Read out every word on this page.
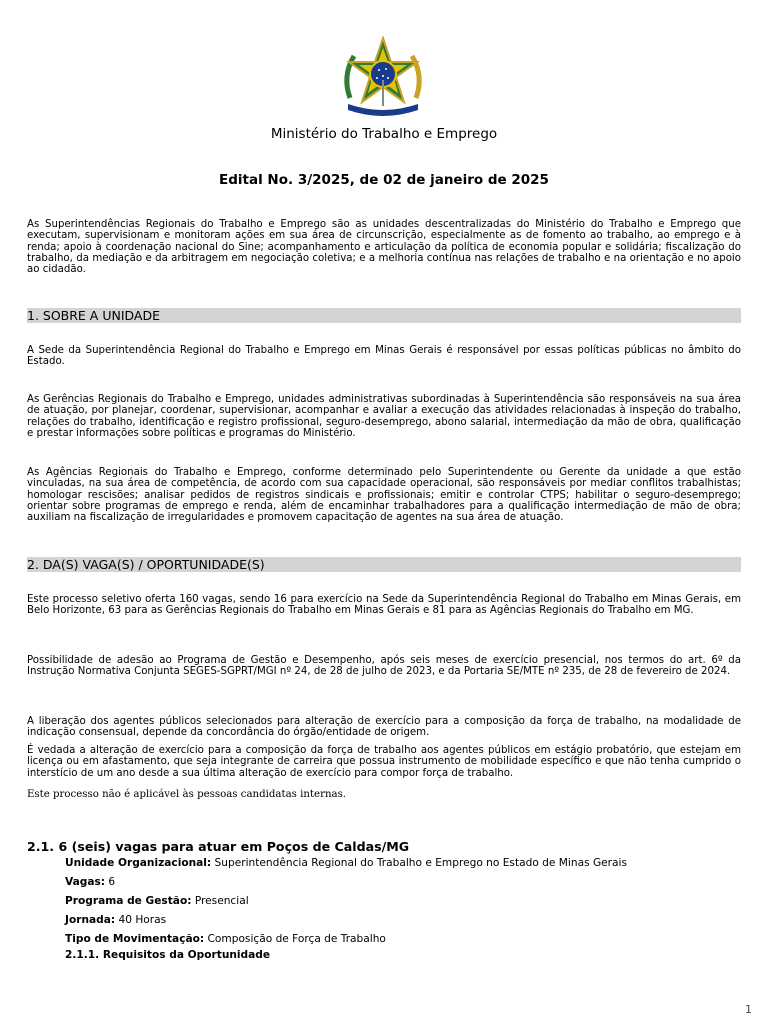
Ministério do Trabalho e Emprego
Edital No. 3/2025, de 02 de janeiro de 2025

As Superintendências Regionais do Trabalho e Emprego são as unidades descentralizadas do Ministério do Trabalho e Emprego que executam, supervisionam e monitoram ações em sua área de circunscrição, especialmente as de fomento ao trabalho, ao emprego e à renda; apoio à coordenação nacional do Sine; acompanhamento e articulação da política de economia popular e solidária; fiscalização do trabalho, da mediação e da arbitragem em negociação coletiva; e a melhoria contínua nas relações de trabalho e na orientação e no apoio ao cidadão.

1. SOBRE A UNIDADE

A Sede da Superintendência Regional do Trabalho e Emprego em Minas Gerais é responsável por essas políticas públicas no âmbito do Estado.

As Gerências Regionais do Trabalho e Emprego, unidades administrativas subordinadas à Superintendência são responsáveis na sua área de atuação, por planejar, coordenar, supervisionar, acompanhar e avaliar a execução das atividades relacionadas à inspeção do trabalho, relações do trabalho, identificação e registro profissional, seguro-desemprego, abono salarial, intermediação da mão de obra, qualificação e prestar informações sobre políticas e programas do Ministério.

As Agências Regionais do Trabalho e Emprego, conforme determinado pelo Superintendente ou Gerente da unidade a que estão vinculadas, na sua área de competência, de acordo com sua capacidade operacional, são responsáveis por mediar conflitos trabalhistas; homologar rescisões; analisar pedidos de registros sindicais e profissionais; emitir e controlar CTPS; habilitar o seguro-desemprego; orientar sobre programas de emprego e renda, além de encaminhar trabalhadores para a qualificação intermediação de mão de obra; auxiliam na fiscalização de irregularidades e promovem capacitação de agentes na sua área de atuação.

2. DA(S) VAGA(S) / OPORTUNIDADE(S)

Este processo seletivo oferta 160 vagas, sendo 16 para exercício na Sede da Superintendência Regional do Trabalho em Minas Gerais, em Belo Horizonte, 63 para as Gerências Regionais do Trabalho em Minas Gerais e 81 para as Agências Regionais do Trabalho em MG.

Possibilidade de adesão ao Programa de Gestão e Desempenho, após seis meses de exercício presencial, nos termos do art. 6º da Instrução Normativa Conjunta SEGES-SGPRT/MGI nº 24, de 28 de julho de 2023, e da Portaria SE/MTE nº 235, de 28 de fevereiro de 2024.

A liberação dos agentes públicos selecionados para alteração de exercício para a composição da força de trabalho, na modalidade de indicação consensual, depende da concordância do órgão/entidade de origem.

É vedada a alteração de exercício para a composição da força de trabalho aos agentes públicos em estágio probatório, que estejam em licença ou em afastamento, que seja integrante de carreira que possua instrumento de mobilidade específico e que não tenha cumprido o interstício de um ano desde a sua última alteração de exercício para compor força de trabalho.

Este processo não é aplicável às pessoas candidatas internas.

2.1. 6 (seis) vagas para atuar em Poços de Caldas/MG
Unidade Organizacional: Superintendência Regional do Trabalho e Emprego no Estado de Minas Gerais
Vagas: 6
Programa de Gestão: Presencial
Jornada: 40 Horas
Tipo de Movimentação: Composição de Força de Trabalho
2.1.1. Requisitos da Oportunidade
1
